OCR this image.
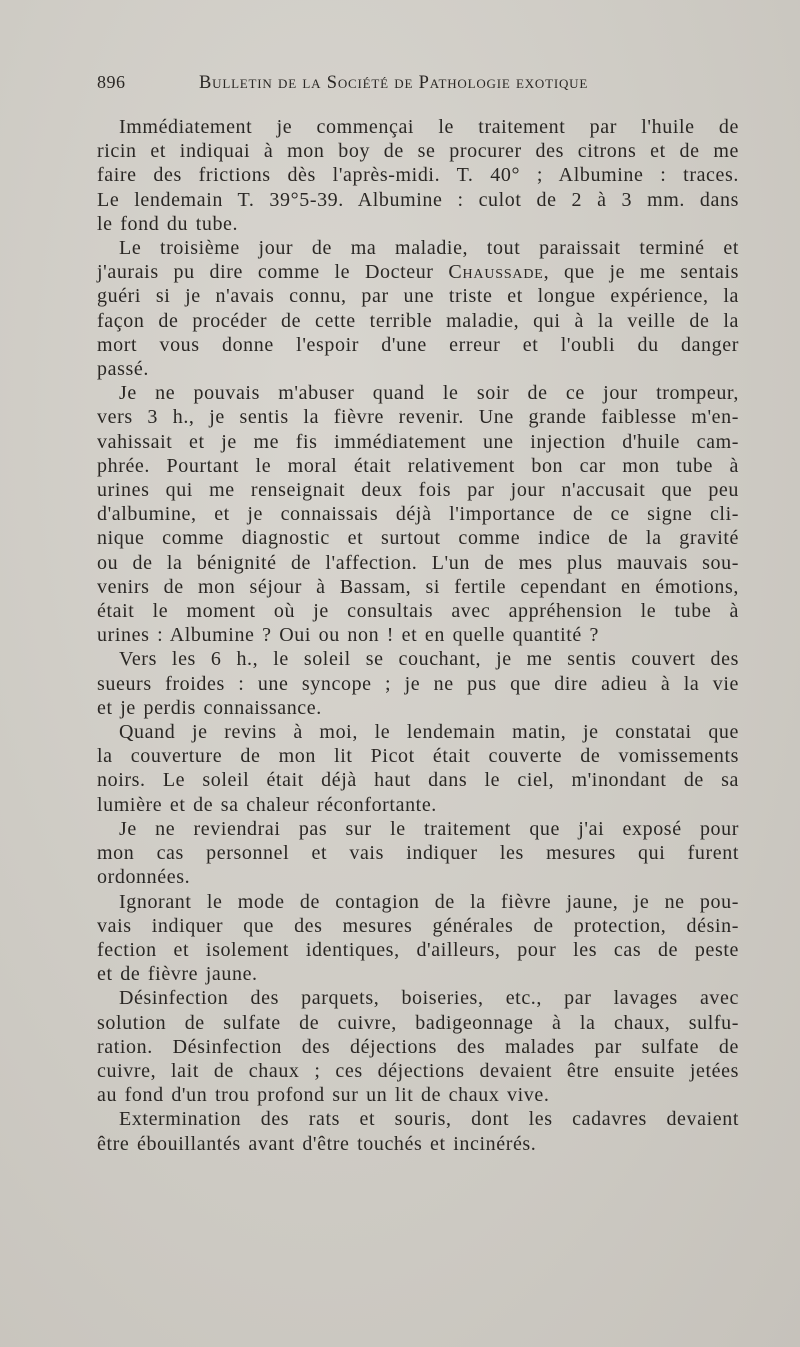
896	Bulletin de la Société de Pathologie exotique

Immédiatement je commençai le traitement par l'huile de
ricin et indiquai à mon boy de se procurer des citrons et de me
faire des frictions dès l'après-midi. T. 40° ; Albumine : traces.
Le lendemain T. 39°5-39. Albumine : culot de 2 à 3 mm. dans
le fond du tube.

Le troisième jour de ma maladie, tout paraissait terminé et
j'aurais pu dire comme le Docteur Chaussade, que je me sentais
guéri si je n'avais connu, par une triste et longue expérience, la
façon de procéder de cette terrible maladie, qui à la veille de la
mort vous donne l'espoir d'une erreur et l'oubli du danger
passé.

Je ne pouvais m'abuser quand le soir de ce jour trompeur,
vers 3 h., je sentis la fièvre revenir. Une grande faiblesse m'en-
vahissait et je me fis immédiatement une injection d'huile cam-
phrée. Pourtant le moral était relativement bon car mon tube à
urines qui me renseignait deux fois par jour n'accusait que peu
d'albumine, et je connaissais déjà l'importance de ce signe cli-
nique comme diagnostic et surtout comme indice de la gravité
ou de la bénignité de l'affection. L'un de mes plus mauvais sou-
venirs de mon séjour à Bassam, si fertile cependant en émotions,
était le moment où je consultais avec appréhension le tube à
urines : Albumine ? Oui ou non ! et en quelle quantité ?

Vers les 6 h., le soleil se couchant, je me sentis couvert des
sueurs froides : une syncope ; je ne pus que dire adieu à la vie
et je perdis connaissance.

Quand je revins à moi, le lendemain matin, je constatai que
la couverture de mon lit Picot était couverte de vomissements
noirs. Le soleil était déjà haut dans le ciel, m'inondant de sa
lumière et de sa chaleur réconfortante.

Je ne reviendrai pas sur le traitement que j'ai exposé pour
mon cas personnel et vais indiquer les mesures qui furent
ordonnées.

Ignorant le mode de contagion de la fièvre jaune, je ne pou-
vais indiquer que des mesures générales de protection, désin-
fection et isolement identiques, d'ailleurs, pour les cas de peste
et de fièvre jaune.

Désinfection des parquets, boiseries, etc., par lavages avec
solution de sulfate de cuivre, badigeonnage à la chaux, sulfu-
ration. Désinfection des déjections des malades par sulfate de
cuivre, lait de chaux ; ces déjections devaient être ensuite jetées
au fond d'un trou profond sur un lit de chaux vive.

Extermination des rats et souris, dont les cadavres devaient
être ébouillantés avant d'être touchés et incinérés.
